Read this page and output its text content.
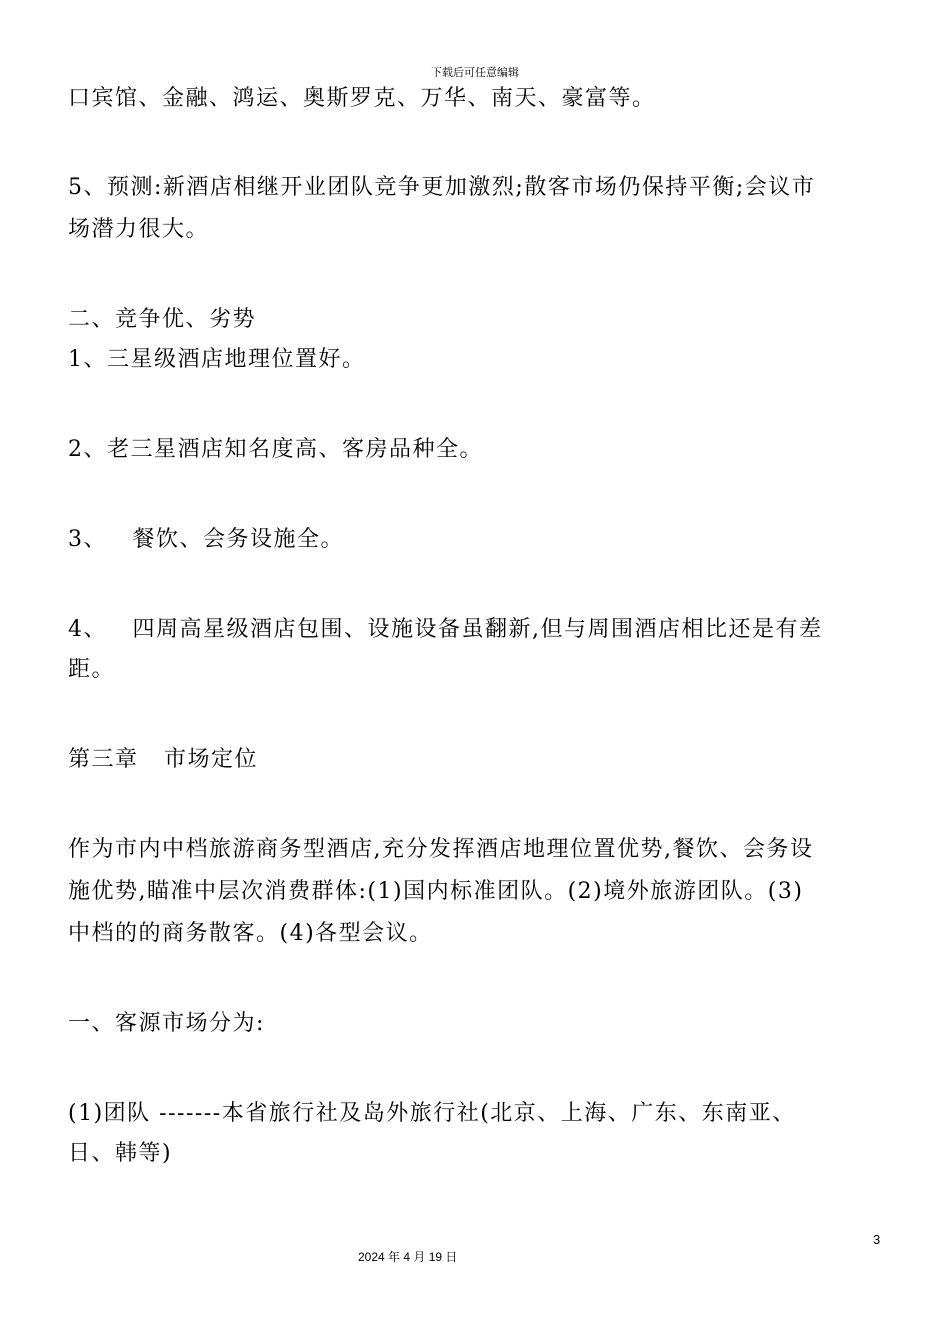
下载后可任意编辑
口宾馆、金融、鸿运、奥斯罗克、万华、南天、豪富等。
5、预测:新酒店相继开业团队竞争更加激烈;散客市场仍保持平衡;会议市
场潜力很大。
二、竞争优、劣势
1、三星级酒店地理位置好。
2、老三星酒店知名度高、客房品种全。
3、   餐饮、会务设施全。
4、   四周高星级酒店包围、设施设备虽翻新,但与周围酒店相比还是有差
距。
第三章   市场定位
作为市内中档旅游商务型酒店,充分发挥酒店地理位置优势,餐饮、会务设
施优势,瞄准中层次消费群体:(1)国内标准团队。(2)境外旅游团队。(3)
中档的的商务散客。(4)各型会议。
一、客源市场分为:
(1)团队 -------本省旅行社及岛外旅行社(北京、上海、广东、东南亚、
日、韩等)
3
2024 年 4 月 19 日
